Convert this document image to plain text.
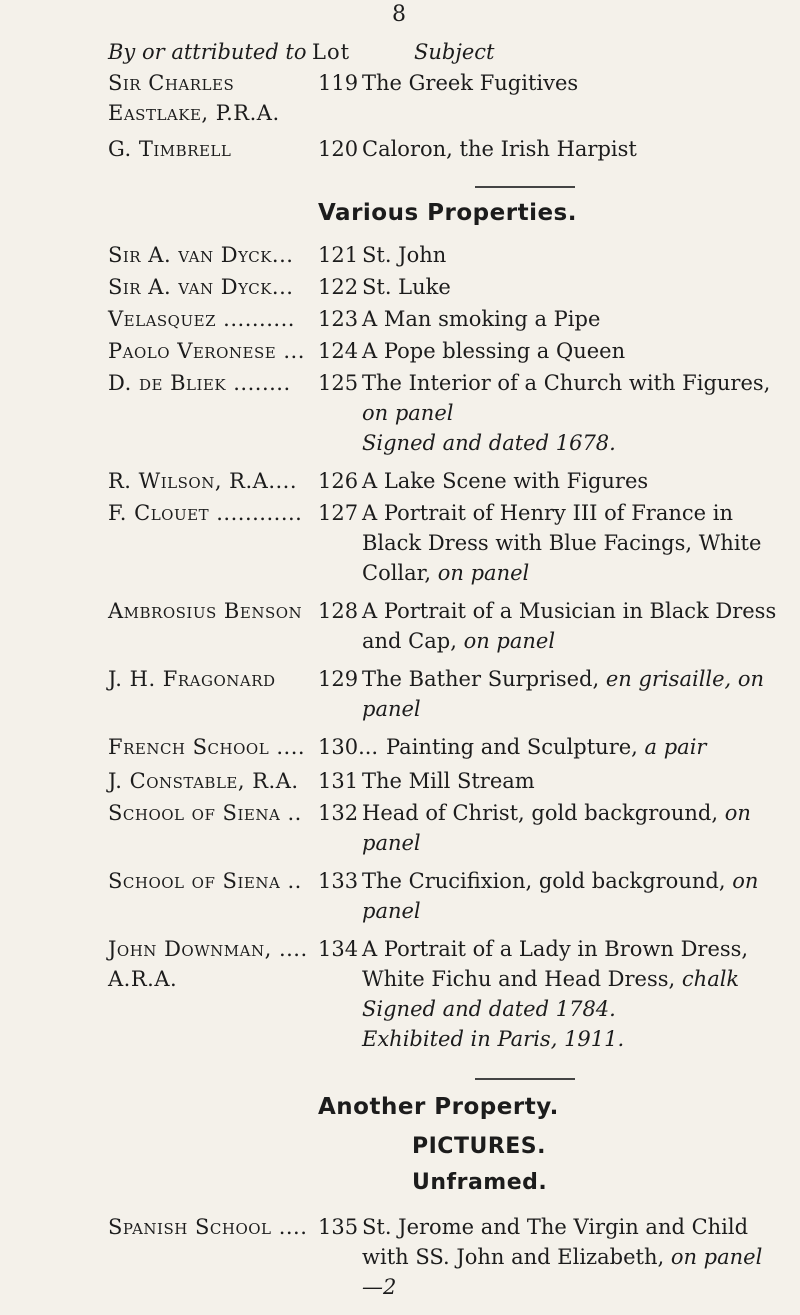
8
By or attributed to Lot	Subject
Sir Charles Eastlake, P.R.A.
119 The Greek Fugitives
G. Timbrell	120 Caloron, the Irish Harpist
Various Properties.
Sir A. van Dyck... 121 St. John
Sir A. van Dyck... 122 St. Luke
Velasquez .......... 123 A Man smoking a Pipe
Paolo Veronese ... 124 A Pope blessing a Queen
D. de Bliek ........ 125 The Interior of a Church with Figures, on panel
Signed and dated 1678.
R. Wilson, R.A.... 126 A Lake Scene with Figures
F. Clouet ............ 127 A Portrait of Henry III of France in Black Dress with Blue Facings, White Collar, on panel
Ambrosius Benson 128 A Portrait of a Musician in Black Dress and Cap, on panel
J. H. Fragonard 129 The Bather Surprised, en grisaille, on panel
French School .... 130... Painting and Sculpture, a pair
J. Constable, R.A. 131 The Mill Stream
School of Siena .. 132 Head of Christ, gold background, on panel
School of Siena .. 133 The Crucifixion, gold background, on panel
John Downman, .... A.R.A.
134 A Portrait of a Lady in Brown Dress, White Fichu and Head Dress, chalk
Signed and dated 1784.
Exhibited in Paris, 1911.
Another Property.
PICTURES.
Unframed.
Spanish School .... 135 St. Jerome and The Virgin and Child with SS. John and Elizabeth, on panel—2
